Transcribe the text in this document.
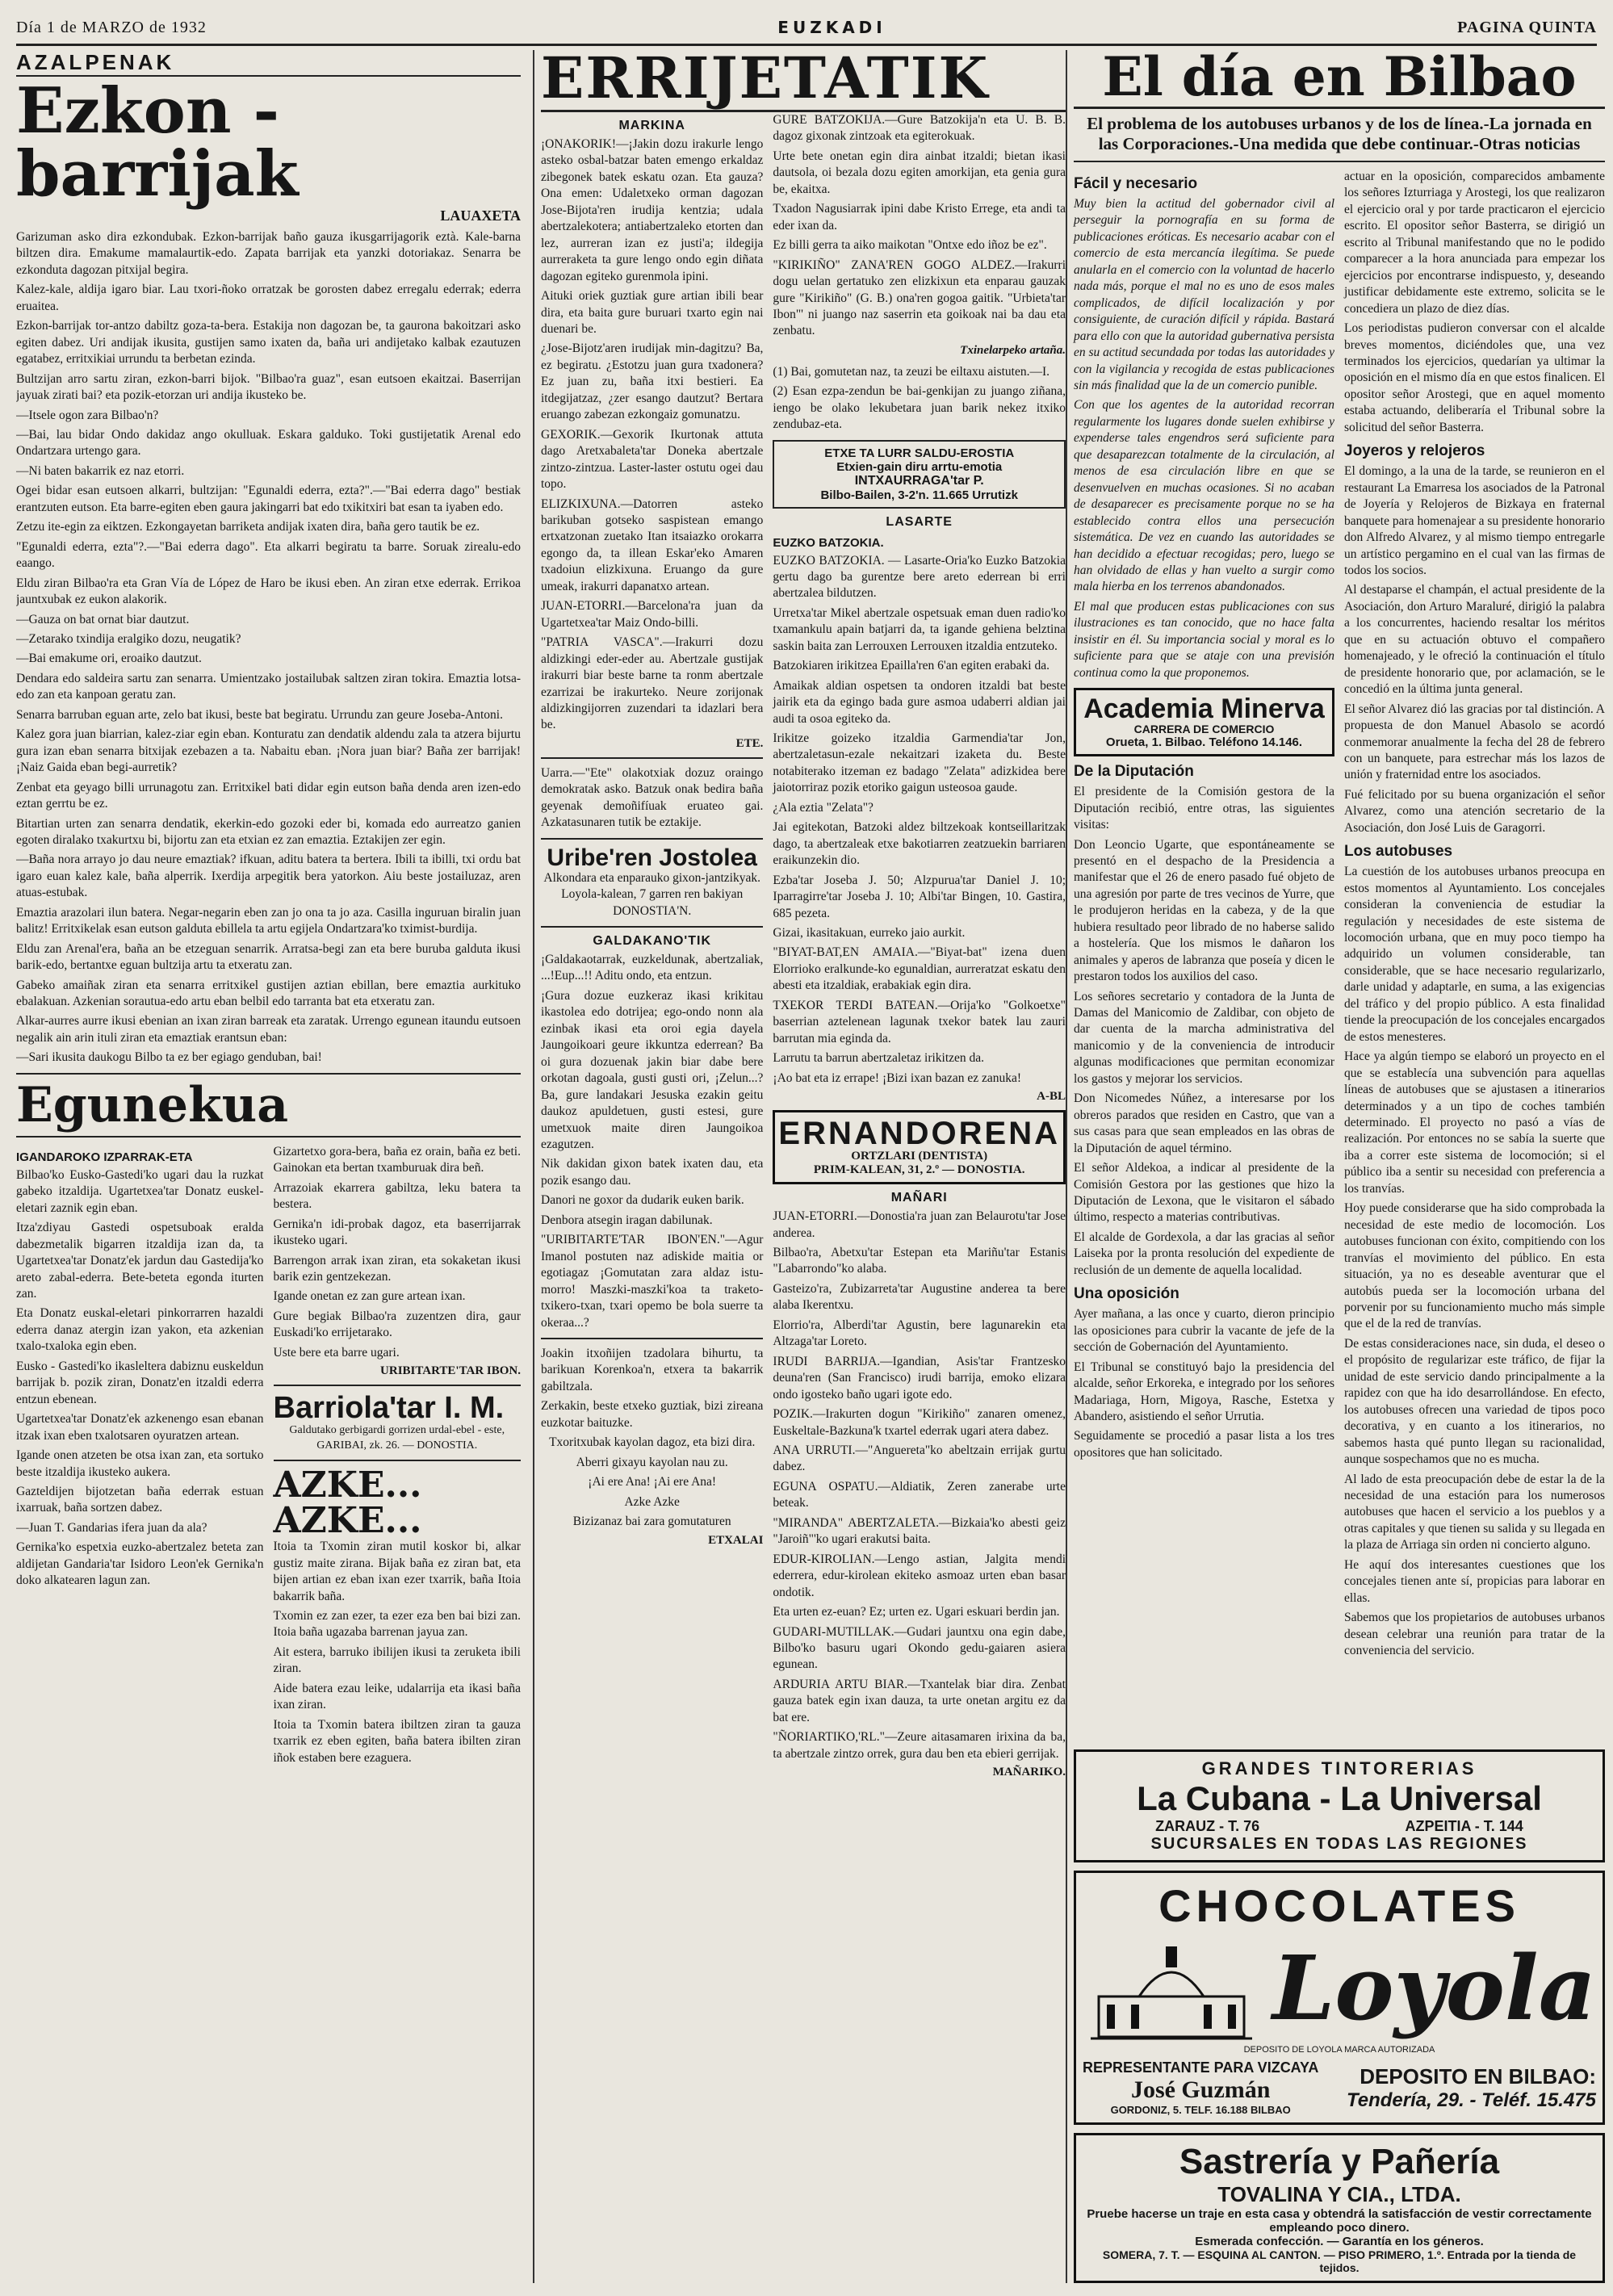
Día 1 de MARZO de 1932	EUZKADI	PAGINA QUINTA
AZALPENAK
Ezkon - barrijak
LAUAXETA

Garizuman asko dira ezkondubak. Ezkon-barrijak baño gauza ikusgarrijagorik eztà. Kale-barna biltzen dira. Emakume mamalaurtik-edo. Zapata barrijak eta yanzki dotoriakaz. Senarra be ezkonduta dagozan pitxijal begira.

Kalez-kale, aldija igaro biar. Lau txori-ñoko orratzak be gorosten dabez erregalu ederrak; ederra eruaitea.

Ezkon-barrijak tor-antzo dabiltz goza-ta-bera. Estakija non dagozan be, ta gaurona bakoitzari asko egiten dabez. Uri andijak ikusita, gustijen samo ixaten da, baña uri andijetako kalbak ezautuzen egatabez, erritxikiai urrundu ta berbetan ezinda.

Bultzijan arro sartu ziran, ezkon-barri bijok. "Bilbao'ra guaz", esan eutsoen ekaitzai. Baserrijan jayuak zirati bai? eta pozik-etorzan uri andija ikusteko be.

—Itsele ogon zara Bilbao'n?

—Bai, lau bidar Ondo dakidaz ango okulluak. Eskara galduko. Toki gustijetatik Arenal edo Ondartzara urtengo gara.

—Ni baten bakarrik ez naz etorri.

Ogei bidar esan eutsoen alkarri, bultzijan: "Egunaldi ederra, ezta?".—"Bai ederra dago" bestiak erantzuten eutson. Eta barre-egiten eben gaura jakingarri bat edo txikitxiri bat esan ta iyaben edo.

Zetzu ite-egin za eiktzen. Ezkongayetan barriketa andijak ixaten dira, baña gero tautik be ez.

"Egunaldi ederra, ezta"?.—"Bai ederra dago". Eta alkarri begiratu ta barre. Soruak zirealu-edo eaango.

Eldu ziran Bilbao'ra eta Gran Vía de López de Haro be ikusi eben. An ziran etxe ederrak. Errikoa jauntxubak ez eukon alakorik.

—Gauza on bat ornat biar dautzut.

—Zetarako txindija eralgiko dozu, neugatik?

—Bai emakume ori, eroaiko dautzut.

Dendara edo saldeira sartu zan senarra. Umientzako jostailubak saltzen ziran tokira. Emaztia lotsa-edo zan eta kanpoan geratu zan.

Senarra barruban eguan arte, zelo bat ikusi, beste bat begiratu. Urrundu zan geure Joseba-Antoni.

Kalez gora juan biarrian, kalez-ziar egin eban. Konturatu zan dendatik aldendu zala ta atzera bijurtu gura izan eban senarra bitxijak ezebazen a ta. Nabaitu eban. ¡Nora juan biar? Baña zer barrijak! ¡Naiz Gaida eban begi-aurretik?

Zenbat eta geyago billi urrunagotu zan. Erritxikel bati didar egin eutson baña denda aren izen-edo eztan gerrtu be ez.

Bitartian urten zan senarra dendatik, ekerkin-edo gozoki eder bi, komada edo aurreatzo ganien egoten diralako txakurtxu bi, bijortu zan eta etxian ez zan emaztia. Eztakijen zer egin.

—Baña nora arrayo jo dau neure emaztiak? ifkuan, aditu batera ta bertera. Ibili ta ibilli, txi ordu bat igaro euan kalez kale, baña alperrik. Ixerdija arpegitik bera yatorkon. Aiu beste jostailuzaz, aren atuas-estubak.

Emaztia arazolari ilun batera. Negar-negarin eben zan jo ona ta jo aza. Casilla inguruan biralin juan balitz! Erritxikelak esan eutson galduta ebillela ta artu egijela Ondartzara'ko tximist-burdija.

Eldu zan Arenal'era, baña an be etzeguan senarrik. Arratsa-begi zan eta bere buruba galduta ikusi barik-edo, bertantxe eguan bultzija artu ta etxeratu zan.

Gabeko amaiñak ziran eta senarra erritxikel gustijen aztian ebillan, bere emaztia aurkituko ebalakuan. Azkenian sorautua-edo artu eban belbil edo tarranta bat eta etxeratu zan.

Alkar-aurres aurre ikusi ebenian an ixan ziran barreak eta zaratak. Urrengo egunean itaundu eutsoen negalik ain arin ituli ziran eta emaztiak erantsun eban:

—Sari ikusita daukogu Bilbo ta ez ber egiago genduban, bai!

Egunekua
IGANDAROKO IZPARRAK-ETA

Bilbao'ko Eusko-Gastedi'ko ugari dau la ruzkat gabeko itzaldija. Ugartetxea'tar Donatz euskel-eletari zaznik egin eban.

Itza'zdiyau Gastedi ospetsuboak eralda dabezmetalik bigarren itzaldija izan da, ta Ugartetxea'tar Donatz'ek jardun dau Gastedija'ko areto zabal-ederra. Bete-beteta egonda iturten zan.

Eta Donatz euskal-eletari pinkorrarren hazaldi ederra danaz atergin izan yakon, eta azkenian txalo-txaloka egin eben.

Eusko - Gastedi'ko ikasleltera dabiznu euskeldun barrijak b. pozik ziran, Donatz'en itzaldi ederra entzun ebenean.

Ugartetxea'tar Donatz'ek azkenengo esan ebanan itzak ixan eben txalotsaren oyuratzen artean.

Igande onen atzeten be otsa ixan zan, eta sortuko beste itzaldija ikusteko aukera.

Gazteldijen bijotzetan baña ederrak estuan ixarruak, baña sortzen dabez.

—Juan T. Gandarias ifera juan da ala?

Gernika'ko espetxia euzko-abertzalez beteta zan aldijetan Gandaria'tar Isidoro Leon'ek Gernika'n doko alkatearen lagun zan.

Gizartetxo gora-bera, baña ez orain, baña ez beti. Gainokan eta bertan txamburuak dira beñ.

Arrazoiak ekarrera gabiltza, leku batera ta bestera.

Gernika'n idi-probak dagoz, eta baserrijarrak ikusteko ugari.

Barrengon arrak ixan ziran, eta sokaketan ikusi barik ezin gentzekezan.

Igande onetan ez zan gure artean ixan.

Gure begiak Bilbao'ra zuzentzen dira, gaur Euskadi'ko errijetarako.

Uste bere eta barre ugari.

URIBITARTE'TAR IBON.
Barriola'tar I. M.

Galdutako gerbigardi gorrizen urdal-ebel - este, GARIBAI, zk. 26. — DONOSTIA.

AZKE... AZKE...

Itoia ta Txomin ziran mutil koskor bi, alkar gustiz maite zirana. Bijak baña ez ziran bat, eta bijen artian ez eban ixan ezer txarrik, baña Itoia bakarrik baña.

Txomin ez zan ezer, ta ezer eza ben bai bizi zan. Itoia baña ugazaba barrenan jayua zan.

Ait estera, barruko ibilijen ikusi ta zeruketa ibili ziran.

Aide batera ezau leike, udalarrija eta ikasi baña ixan ziran.

Itoia ta Txomin batera ibiltzen ziran ta gauza txarrik ez eben egiten, baña batera ibilten ziran iñok estaben bere ezaguera.

ERRIJETATIK
MARKINA

¡ONAKORIK!—¡Jakin dozu irakurle lengo asteko osbal-batzar baten emengo erkaldaz zibegonek batek eskatu ozan. Eta gauza? Ona emen: Udaletxeko orman dagozan Jose-Bijota'ren irudija kentzia; udala abertzalekotera; antiabertzaleko etorten dan lez, aurreran izan ez justi'a; ildegija aurreraketa ta gure lengo ondo egin diñata dagozan egiteko gurenmola ipini.

Aituki oriek guztiak gure artian ibili bear dira, eta baita gure buruari txarto egin nai duenari be.

¿Jose-Bijotz'aren irudijak min-dagitzu? Ba, ez begiratu. ¿Estotzu juan gura txadonera? Ez juan zu, baña itxi bestieri. Ea itdegijatzaz, ¿zer esango dautzut? Bertara eruango zabezan ezkongaiz gomunatzu.

GEXORIK.—Gexorik Ikurtonak attuta dago Aretxabaleta'tar Doneka abertzale zintzo-zintzua. Laster-laster ostutu ogei dau topo.

ELIZKIXUNA.—Datorren asteko barikuban gotseko saspistean emango ertxatzonan zuetako Itan itsaiazko orokarra egongo da, ta illean Eskar'eko Amaren txadoiun elizkixuna. Eruango da gure umeak, irakurri dapanatxo artean.

JUAN-ETORRI.—Barcelona'ra juan da Ugartetxea'tar Maiz Ondo-billi.

"PATRIA VASCA".—Irakurri dozu aldizkingi eder-eder au. Abertzale gustijak irakurri biar beste barne ta ronm abertzale ezarrizai be irakurteko. Neure zorijonak aldizkingijorren zuzendari ta idazlari bera be.

ETE.

Uarra.—"Ete" olakotxiak dozuz oraingo demokratak asko. Batzuk onak bedira baña geyenak demoñifíuak eruateo gai. Azkatasunaren tutik be eztakije.

Uribe'ren Jostolea

Alkondara eta enparauko gixon-jantzikyak. Loyola-kalean, 7 garren ren bakiyan DONOSTIA'N.

GALDAKANO'TIK

¡Galdakaotarrak, euzkeldunak, abertzaliak, ...!Eup...!! Aditu ondo, eta entzun.

¡Gura dozue euzkeraz ikasi krikitau ikastolea edo dotrijea; ego-ondo nonn ala ezinbak ikasi eta oroi egia dayela Jaungoikoari geure ikkuntza ederrean? Ba oi gura dozuenak jakin biar dabe bere orkotan dagoala, gusti gusti ori, ¡Zelun...? Ba, gure landakari Jesuska ezakin geitu daukoz apuldetuen, gusti estesi, gure umetxuok maite diren Jaungoikoa ezagutzen.

Nik dakidan gixon batek ixaten dau, eta pozik esango dau.

Danori ne goxor da dudarik euken barik.

Denbora atsegin iragan dabilunak.

"URIBITARTE'TAR IBON'EN."—Agur Imanol postuten naz adiskide maitia or egotiagaz ¡Gomutatan zara aldaz istu-morro! Maszki-maszki'koa ta traketo-txikero-txan, txari opemo be bola suerre ta okeraa...?

Joakin itxoñijen tzadolara bihurtu, ta barikuan Korenkoa'n, etxera ta bakarrik gabiltzala.

Zerkakin, beste etxeko guztiak, bizi zireana euzkotar baituzke.

Txoritxubak kayolan dagoz, eta bizi dira.

Aberri gixayu kayolan nau zu.

¡Ai ere Ana! ¡Ai ere Ana!

Azke Azke

Bizizanaz bai zara gomutaturen

ETXALAI

GURE BATZOKIJA.—Gure Batzokija'n eta U. B. B. dagoz gixonak zintzoak eta egiterokuak.

Urte bete onetan egin dira ainbat itzaldi; bietan ikasi dautsola, oi bezala dozu egiten amorkijan, eta genia gura be, ekaitxa.

Txadon Nagusiarrak ipini dabe Kristo Errege, eta andi ta eder ixan da.

Ez billi gerra ta aiko maikotan "Ontxe edo iñoz be ez".

"KIRIKIÑO" ZANA'REN GOGO ALDEZ.—Irakurri dogu uelan gertatuko zen elizkixun eta enparau gauzak gure "Kirikiño" (G. B.) ona'ren gogoa gaitik. "Urbieta'tar Ibon"' ni juango naz saserrin eta goikoak nai ba dau eta zenbatu.

Txinelarpeko artaña.

(1) Bai, gomutetan naz, ta zeuzi be eiltaxu aistuten.—I.

(2) Esan ezpa-zendun be bai-genkijan zu juango ziñana, iengo be olako lekubetara juan barik nekez itxiko zendubaz-eta.

ETXE TA LURR SALDU-EROSTIA
Etxien-gain diru arrtu-emotia
INTXAURRAGA'tar P.
Bilbo-Bailen, 3-2'n. 11.665 Urrutizk
LASARTE
EUZKO BATZOKIA.

EUZKO BATZOKIA. — Lasarte-Oria'ko Euzko Batzokia gertu dago ba gurentze bere areto ederrean bi erri abertzalea bildutzen.

Urretxa'tar Mikel abertzale ospetsuak eman duen radio'ko txamankulu apain batjarri da, ta igande gehiena belztina saskin baita zan Lerrouxen Lerrouxen itzaldia entzuteko.

Batzokiaren irikitzea Epailla'ren 6'an egiten erabaki da.

Amaikak aldian ospetsen ta ondoren itzaldi bat beste jairik eta da egingo bada gure asmoa udaberri aldian jai audi ta osoa egiteko da.

Irikitze goizeko itzaldia Garmendia'tar Jon, abertzaletasun-ezale nekaitzari izaketa du. Beste notabiterako itzeman ez badago "Zelata" adizkidea bere jaiotorriraz pozik etoriko gaigun usteosoa gaude.

¿Ala eztia "Zelata"?

Jai egitekotan, Batzoki aldez biltzekoak kontseillaritzak dago, ta abertzaleak etxe bakotiarren zeatzuekin barriaren eraikunzekin dio.

Ezba'tar Joseba J. 50; Alzpurua'tar Daniel J. 10; Iparragirre'tar Joseba J. 10; Albi'tar Bingen, 10. Gastira, 685 pezeta.

Gizai, ikasitakuan, eurreko jaio aurkit.

"BIYAT-BAT,EN AMAIA.—"Biyat-bat" izena duen Elorrioko eralkunde-ko egunaldian, aurreratzat eskatu den abesti eta itzaldiak, erabakiak egin dira.

TXEKOR TERDI BATEAN.—Orija'ko "Golkoetxe" baserrian aztelenean lagunak txekor batek lau zauri barrutan mia eginda da.

Larrutu ta barrun abertzaletaz irikitzen da.

¡Ao bat eta iz errape! ¡Bizi ixan bazan ez zanuka!

A-BL
ERNANDORENA
ORTZLARI (DENTISTA)
PRIM-KALEAN, 31, 2.º — DONOSTIA.
MAÑARI

JUAN-ETORRI.—Donostia'ra juan zan Belaurotu'tar Jose anderea.

Bilbao'ra, Abetxu'tar Estepan eta Mariñu'tar Estanis "Labarrondo"ko alaba.

Gasteizo'ra, Zubizarreta'tar Augustine anderea ta bere alaba Ikerentxu.

Elorrio'ra, Alberdi'tar Agustin, bere lagunarekin eta Altzaga'tar Loreto.

IRUDI BARRIJA.—Igandian, Asis'tar Frantzesko deuna'ren (San Francisco) irudi barrija, emoko elizara ondo igosteko baño ugari igote edo.

POZIK.—Irakurten dogun "Kirikiño" zanaren omenez, Euskeltale-Bazkuna'k txartel ederrak ugari atera dabez.

ANA URRUTI.—"Anguereta"ko abeltzain errijak gurtu dabez.

EGUNA OSPATU.—Aldiatik, Zeren zanerabe urte beteak.

"MIRANDA" ABERTZALETA.—Bizkaia'ko abesti geiz "Jaroiñ"'ko ugari erakutsi baita.

EDUR-KIROLIAN.—Lengo astian, Jalgita mendi ederrera, edur-kirolean ekiteko asmoaz urten eban basar ondotik.

Eta urten ez-euan? Ez; urten ez. Ugari eskuari berdin jan.

GUDARI-MUTILLAK.—Gudari jauntxu ona egin dabe, Bilbo'ko basuru ugari Okondo gedu-gaiaren asiera egunean.

ARDURIA ARTU BIAR.—Txantelak biar dira. Zenbat gauza batek egin ixan dauza, ta urte onetan argitu ez da bat ere.

"ÑORIARTIKO,'RL."—Zeure aitasamaren irixina da ba, ta abertzale zintzo orrek, gura dau ben eta ebieri gerrijak.

MAÑARIKO.
El día en Bilbao
El problema de los autobuses urbanos y de los de línea.-La jornada en las Corporaciones.-Una medida que debe continuar.-Otras noticias
Fácil y necesario

Muy bien la actitud del gobernador civil al perseguir la pornografía en su forma de publicaciones eróticas. Es necesario acabar con el comercio de esta mercancía ilegítima. Se puede anularla en el comercio con la voluntad de hacerlo nada más, porque el mal no es uno de esos males complicados, de difícil localización y por consiguiente, de curación difícil y rápida. Bastará para ello con que la autoridad gubernativa persista en su actitud secundada por todas las autoridades y con la vigilancia y recogida de estas publicaciones sin más finalidad que la de un comercio punible.

Con que los agentes de la autoridad recorran regularmente los lugares donde suelen exhibirse y expenderse tales engendros será suficiente para que desaparezcan totalmente de la circulación, al menos de esa circulación libre en que se desenvuelven en muchas ocasiones. Si no acaban de desaparecer es precisamente porque no se ha establecido contra ellos una persecución sistemática. De vez en cuando las autoridades se han decidido a efectuar recogidas; pero, luego se han olvidado de ellas y han vuelto a surgir como mala hierba en los terrenos abandonados.

El mal que producen estas publicaciones con sus ilustraciones es tan conocido, que no hace falta insistir en él. Su importancia social y moral es lo suficiente para que se ataje con una previsión continua como la que proponemos.

Academia Minerva
CARRERA DE COMERCIO
Orueta, 1. Bilbao. Teléfono 14.146.
De la Diputación

El presidente de la Comisión gestora de la Diputación recibió, entre otras, las siguientes visitas:

Don Leoncio Ugarte, que espontáneamente se presentó en el despacho de la Presidencia a manifestar que el 26 de enero pasado fué objeto de una agresión por parte de tres vecinos de Yurre, que le produjeron heridas en la cabeza, y de la que hubiera resultado peor librado de no haberse salido a hostelería. Que los mismos le dañaron los animales y aperos de labranza que poseía y dicen le prestaron todos los auxilios del caso.

Los señores secretario y contadora de la Junta de Damas del Manicomio de Zaldibar, con objeto de dar cuenta de la marcha administrativa del manicomio y de la conveniencia de introducir algunas modificaciones que permitan economizar los gastos y mejorar los servicios.

Don Nicomedes Núñez, a interesarse por los obreros parados que residen en Castro, que van a sus casas para que sean empleados en las obras de la Diputación de aquel término.

El señor Aldekoa, a indicar al presidente de la Comisión Gestora por las gestiones que hizo la Diputación de Lexona, que le visitaron el sábado último, respecto a materias contributivas.

El alcalde de Gordexola, a dar las gracias al señor Laiseka por la pronta resolución del expediente de reclusión de un demente de aquella localidad.

Una oposición

Ayer mañana, a las once y cuarto, dieron principio las oposiciones para cubrir la vacante de jefe de la sección de Gobernación del Ayuntamiento.

El Tribunal se constituyó bajo la presidencia del alcalde, señor Erkoreka, e integrado por los señores Madariaga, Horn, Migoya, Rasche, Estetxa y Abandero, asistiendo el señor Urrutia.

Seguidamente se procedió a pasar lista a los tres opositores que han solicitado.

actuar en la oposición, comparecidos ambamente los señores Izturriaga y Arostegi, los que realizaron el ejercicio oral y por tarde practicaron el ejercicio escrito. El opositor señor Basterra, se dirigió un escrito al Tribunal manifestando que no le podido comparecer a la hora anunciada para empezar los ejercicios por encontrarse indispuesto, y, deseando justificar debidamente este extremo, solicita se le concediera un plazo de diez días.

Los periodistas pudieron conversar con el alcalde breves momentos, diciéndoles que, una vez terminados los ejercicios, quedarían ya ultimar la oposición en el mismo día en que estos finalicen. El opositor señor Arostegi, que en aquel momento estaba actuando, deliberaría el Tribunal sobre la solicitud del señor Basterra.

Joyeros y relojeros

El domingo, a la una de la tarde, se reunieron en el restaurant La Emarresa los asociados de la Patronal de Joyería y Relojeros de Bizkaya en fraternal banquete para homenajear a su presidente honorario don Alfredo Alvarez, y al mismo tiempo entregarle un artístico pergamino en el cual van las firmas de todos los socios.

Al destaparse el champán, el actual presidente de la Asociación, don Arturo Maraluré, dirigió la palabra a los concurrentes, haciendo resaltar los méritos que en su actuación obtuvo el compañero homenajeado, y le ofreció la continuación el título de presidente honorario que, por aclamación, se le concedió en la última junta general.

El señor Alvarez dió las gracias por tal distinción. A propuesta de don Manuel Abasolo se acordó conmemorar anualmente la fecha del 28 de febrero con un banquete, para estrechar más los lazos de unión y fraternidad entre los asociados.

Fué felicitado por su buena organización el señor Alvarez, como una atención secretario de la Asociación, don José Luis de Garagorri.

Los autobuses

La cuestión de los autobuses urbanos preocupa en estos momentos al Ayuntamiento. Los concejales consideran la conveniencia de estudiar la regulación y necesidades de este sistema de locomoción urbana, que en muy poco tiempo ha adquirido un volumen considerable, tan considerable, que se hace necesario regularizarlo, darle unidad y adaptarle, en suma, a las exigencias del tráfico y del propio público. A esta finalidad tiende la preocupación de los concejales encargados de estos menesteres.

Hace ya algún tiempo se elaboró un proyecto en el que se establecía una subvención para aquellas líneas de autobuses que se ajustasen a itinerarios determinados y a un tipo de coches también determinado. El proyecto no pasó a vías de realización. Por entonces no se sabía la suerte que iba a correr este sistema de locomoción; si el público iba a sentir su necesidad con preferencia a los tranvías.

Hoy puede considerarse que ha sido comprobada la necesidad de este medio de locomoción. Los autobuses funcionan con éxito, compitiendo con los tranvías el movimiento del público. En esta situación, ya no es deseable aventurar que el autobús pueda ser la locomoción urbana del porvenir por su funcionamiento mucho más simple que el de la red de tranvías.

De estas consideraciones nace, sin duda, el deseo o el propósito de regularizar este tráfico, de fijar la unidad de este servicio dando principalmente a la rapidez con que ha ido desarrollándose. En efecto, los autobuses ofrecen una variedad de tipos poco decorativa, y en cuanto a los itinerarios, no sabemos hasta qué punto llegan su racionalidad, aunque sospechamos que no es mucha.

Al lado de esta preocupación debe de estar la de la necesidad de una estación para los numerosos autobuses que hacen el servicio a los pueblos y a otras capitales y que tienen su salida y su llegada en la plaza de Arriaga sin orden ni concierto alguno.

He aquí dos interesantes cuestiones que los concejales tienen ante sí, propicias para laborar en ellas.

Sabemos que los propietarios de autobuses urbanos desean celebrar una reunión para tratar de la conveniencia del servicio.

GRANDES TINTORERIAS
La Cubana - La Universal
ZARAUZ - T. 76	AZPEITIA - T. 144
SUCURSALES EN TODAS LAS REGIONES
CHOCOLATES
Loyola
DEPOSITO DE LOYOLA MARCA AUTORIZADA
REPRESENTANTE PARA VIZCAYA
José Guzmán
GORDONIZ, 5. TELF. 16.188 BILBAO
DEPOSITO EN BILBAO:
Tendería, 29. - Teléf. 15.475
Sastrería y Pañería
TOVALINA Y CIA., LTDA.
Pruebe hacerse un traje en esta casa y obtendrá la satisfacción de vestir correctamente empleando poco dinero.
Esmerada confección. — Garantía en los géneros.
SOMERA, 7. T. — ESQUINA AL CANTON. — PISO PRIMERO, 1.º. Entrada por la tienda de tejidos.
